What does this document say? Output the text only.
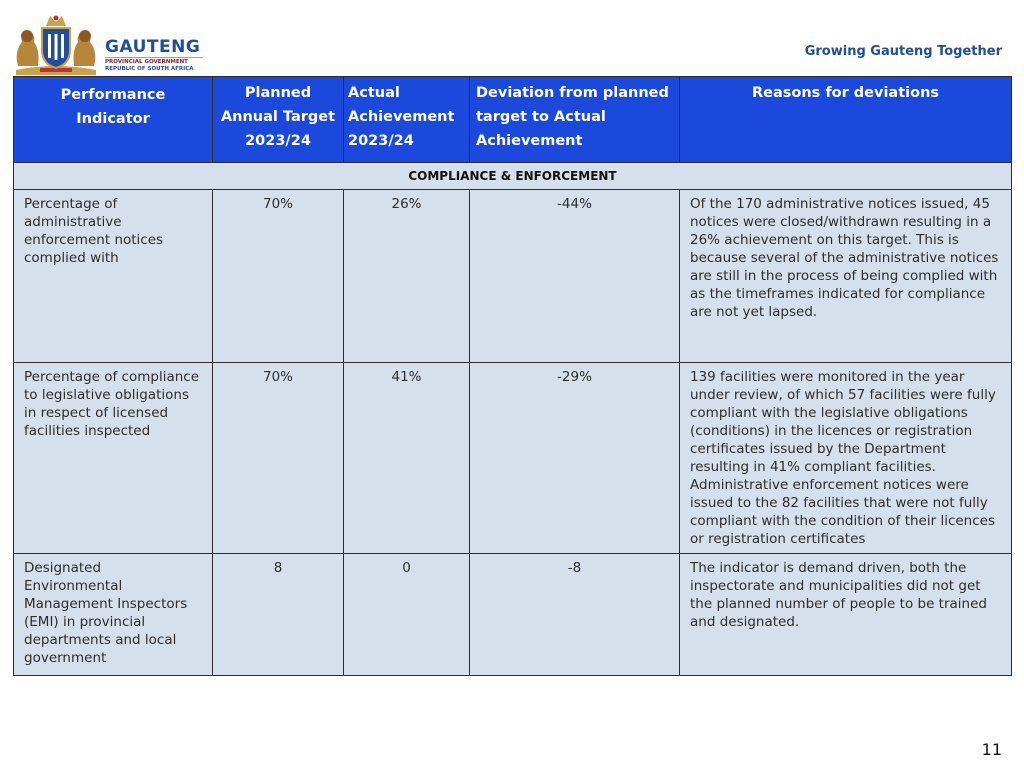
GAUTENG
PROVINCIAL GOVERNMENT
REPUBLIC OF SOUTH AFRICA
Growing Gauteng Together
Performance Indicator	Planned Annual Target 2023/24	Actual Achievement 2023/24	Deviation from planned target to Actual Achievement	Reasons for deviations
COMPLIANCE & ENFORCEMENT				
Percentage of administrative enforcement notices complied with	70%	26%	-44%	Of the 170 administrative notices issued, 45 notices were closed/withdrawn resulting in a 26% achievement on this target. This is because several of the administrative notices are still in the process of being complied with as the timeframes indicated for compliance are not yet lapsed.
Percentage of compliance to legislative obligations in respect of licensed facilities inspected	70%	41%	-29%	139 facilities were monitored in the year under review, of which 57 facilities were fully compliant with the legislative obligations (conditions) in the licences or registration certificates issued by the Department resulting in 41% compliant facilities. Administrative enforcement notices were issued to the 82 facilities that were not fully compliant with the condition of their licences or registration certificates
Designated Environmental Management Inspectors (EMI) in provincial departments and local government	8	0	-8	The indicator is demand driven, both the inspectorate and municipalities did not get the planned number of people to be trained and designated.
11
